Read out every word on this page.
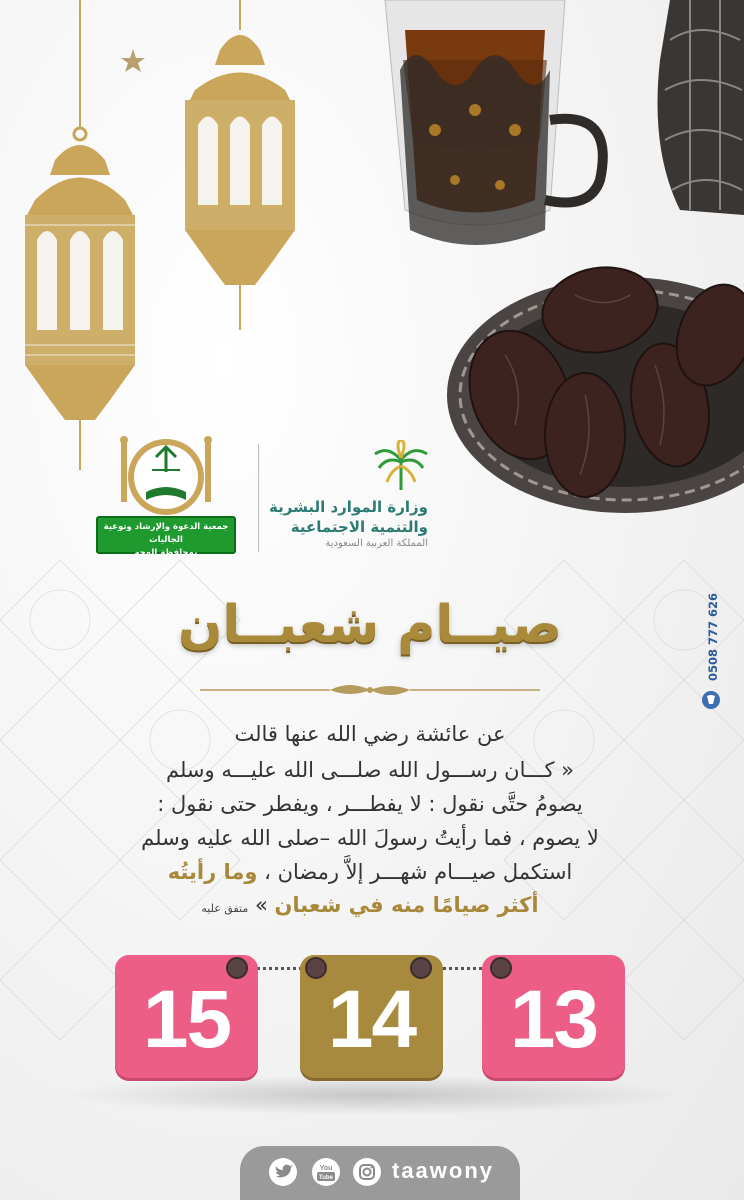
جمعية الدعوة والإرشاد وتوعية الجاليات
بمحافظة الوجه
وزارة الموارد البشرية
والتنمية الاجتماعية
المملكة العربية السعودية
0508 777 626
صيــام شعبــان
عن عائشة رضي الله عنها قالت
« كـــان رســـول الله صلـــى الله عليـــه وسلم
يصومُ حتَّى نقول : لا يفطـــر ، ويفطر حتى نقول :
لا يصوم ، فما رأيتُ رسولَ الله –صلى الله عليه وسلم
استكمل صيـــام شهـــر إلاَّ رمضان ، وما رأيتُه
أكثر صيامًا منه في شعبان » متفق عليه
15	14	13
You
Tube	taawony
